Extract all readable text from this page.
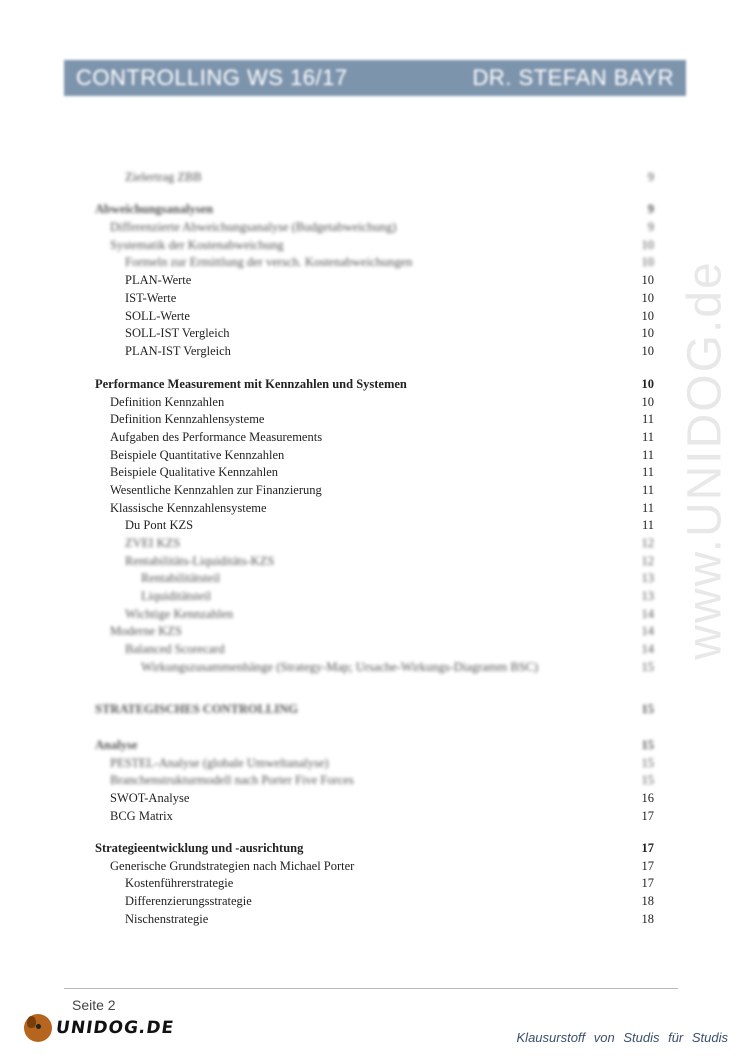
CONTROLLING WS 16/17	DR. STEFAN BAYR
www.UNIDOG.de
Zielertrag ZBB	9
Abweichungsanalysen	9
Differenzierte Abweichungsanalyse (Budgetabweichung)	9
Systematik der Kostenabweichung	10
Formeln zur Ermittlung der versch. Kostenabweichungen	10
PLAN-Werte	10
IST-Werte	10
SOLL-Werte	10
SOLL-IST Vergleich	10
PLAN-IST Vergleich	10
Performance Measurement mit Kennzahlen und Systemen	10
Definition Kennzahlen	10
Definition Kennzahlensysteme	11
Aufgaben des Performance Measurements	11
Beispiele Quantitative Kennzahlen	11
Beispiele Qualitative Kennzahlen	11
Wesentliche Kennzahlen zur Finanzierung	11
Klassische Kennzahlensysteme	11
Du Pont KZS	11
ZVEI KZS	12
Rentabilitäts-Liquiditäts-KZS	12
Rentabilitätsteil	13
Liquiditätsteil	13
Wichtige Kennzahlen	14
Moderne KZS	14
Balanced Scorecard	14
Wirkungszusammenhänge (Strategy-Map; Ursache-Wirkungs-Diagramm BSC)	15
STRATEGISCHES CONTROLLING	15
Analyse	15
PESTEL-Analyse (globale Umweltanalyse)	15
Branchenstrukturmodell nach Porter Five Forces	15
SWOT-Analyse	16
BCG Matrix	17
Strategieentwicklung und -ausrichtung	17
Generische Grundstrategien nach Michael Porter	17
Kostenführerstrategie	17
Differenzierungsstrategie	18
Nischenstrategie	18
Seite 2
UNIDOG.DE	Klausurstoff von Studis für Studis
